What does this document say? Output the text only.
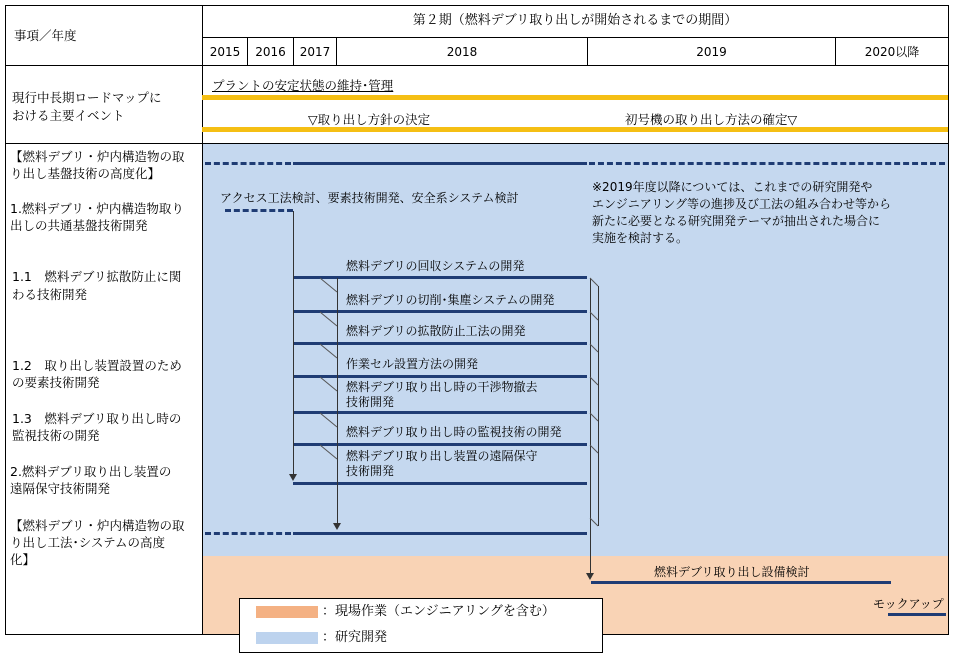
事項／年度
第２期（燃料デブリ取り出しが開始されるまでの期間）
2015	2016	2017	2018	2019	2020以降
現行中長期ロードマップに
おける主要イベント
【燃料デブリ・炉内構造物の取
り出し基盤技術の高度化】
1.燃料デブリ・炉内構造物取り
出しの共通基盤技術開発
1.1　燃料デブリ拡散防止に関
わる技術開発
1.2　取り出し装置設置のため
の要素技術開発
1.3　燃料デブリ取り出し時の
監視技術の開発
2.燃料デブリ取り出し装置の
遠隔保守技術開発
【燃料デブリ・炉内構造物の取
り出し工法･システムの高度
化】
プラントの安定状態の維持･管理
▽取り出し方針の決定	初号機の取り出し方法の確定▽
※2019年度以降については、これまでの研究開発や
エンジニアリング等の進捗及び工法の組み合わせ等から
新たに必要となる研究開発テーマが抽出された場合に
実施を検討する。
アクセス工法検討、要素技術開発、安全系システム検討
燃料デブリの回収システムの開発
燃料デブリの切削･集塵システムの開発
燃料デブリの拡散防止工法の開発
作業セル設置方法の開発
燃料デブリ取り出し時の干渉物撤去
技術開発
燃料デブリ取り出し時の監視技術の開発
燃料デブリ取り出し装置の遠隔保守
技術開発
燃料デブリ取り出し設備検討
モックアップ
：現場作業（エンジニアリングを含む）
：研究開発
